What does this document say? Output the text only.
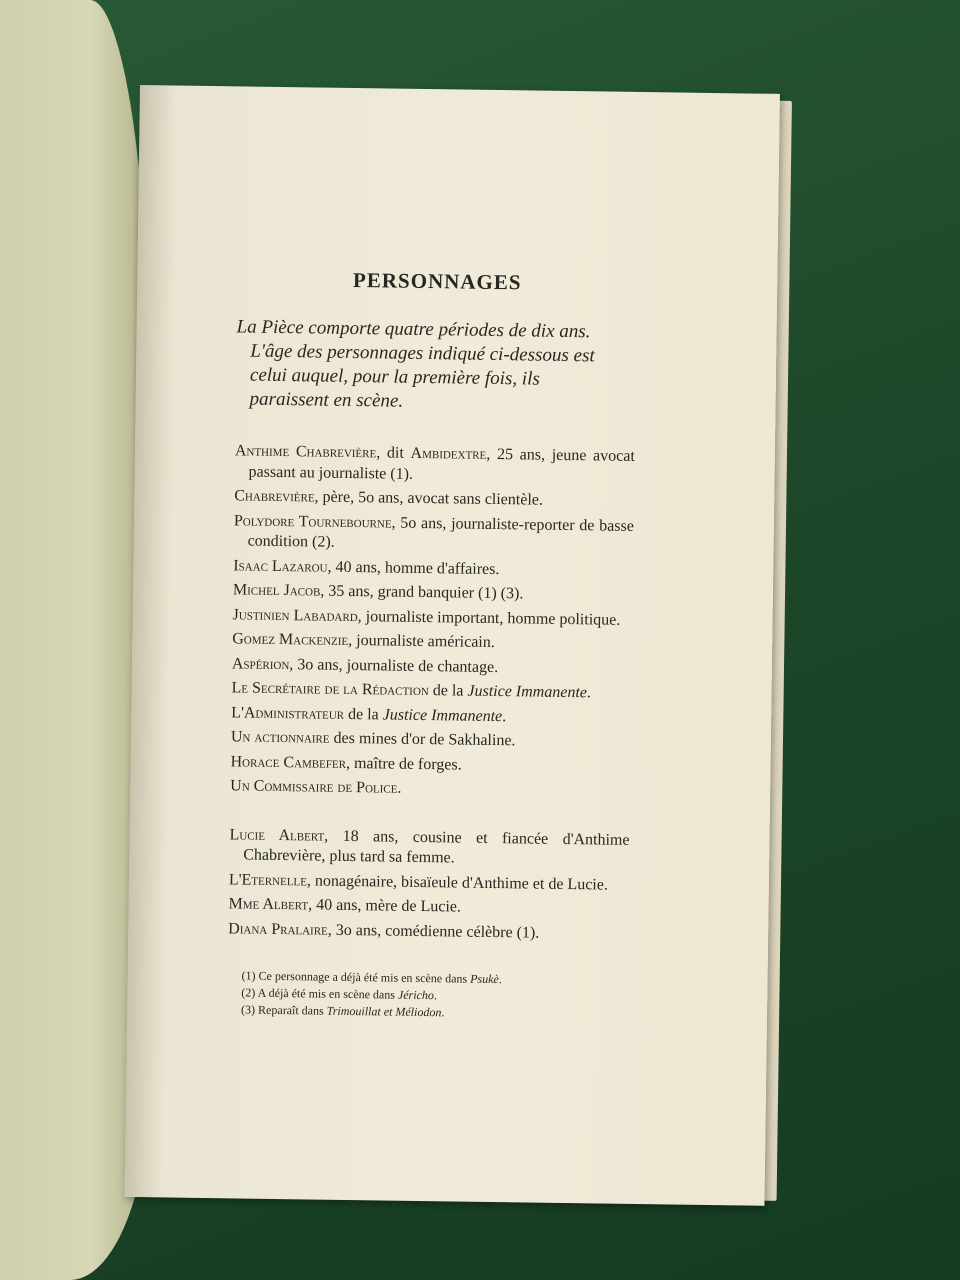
PERSONNAGES
La Pièce comporte quatre périodes de dix ans.
L'âge des personnages indiqué ci-dessous est
celui auquel, pour la première fois, ils
paraissent en scène.
Anthime Chabrevière, dit Ambidextre, 25 ans, jeune avocat passant au journaliste (1).
Chabrevière, père, 5o ans, avocat sans clientèle.
Polydore Tournebourne, 5o ans, journaliste-reporter de basse condition (2).
Isaac Lazarou, 40 ans, homme d'affaires.
Michel Jacob, 35 ans, grand banquier (1) (3).
Justinien Labadard, journaliste important, homme politique.
Gomez Mackenzie, journaliste américain.
Aspérion, 3o ans, journaliste de chantage.
Le Secrétaire de la Rédaction de la Justice Immanente.
L'Administrateur de la Justice Immanente.
Un actionnaire des mines d'or de Sakhaline.
Horace Cambefer, maître de forges.
Un Commissaire de Police.
Lucie Albert, 18 ans, cousine et fiancée d'Anthime Chabrevière, plus tard sa femme.
L'Eternelle, nonagénaire, bisaïeule d'Anthime et de Lucie.
Mme Albert, 40 ans, mère de Lucie.
Diana Pralaire, 3o ans, comédienne célèbre (1).
(1) Ce personnage a déjà été mis en scène dans Psukè.
(2) A déjà été mis en scène dans Jéricho.
(3) Reparaît dans Trimouillat et Méliodon.
